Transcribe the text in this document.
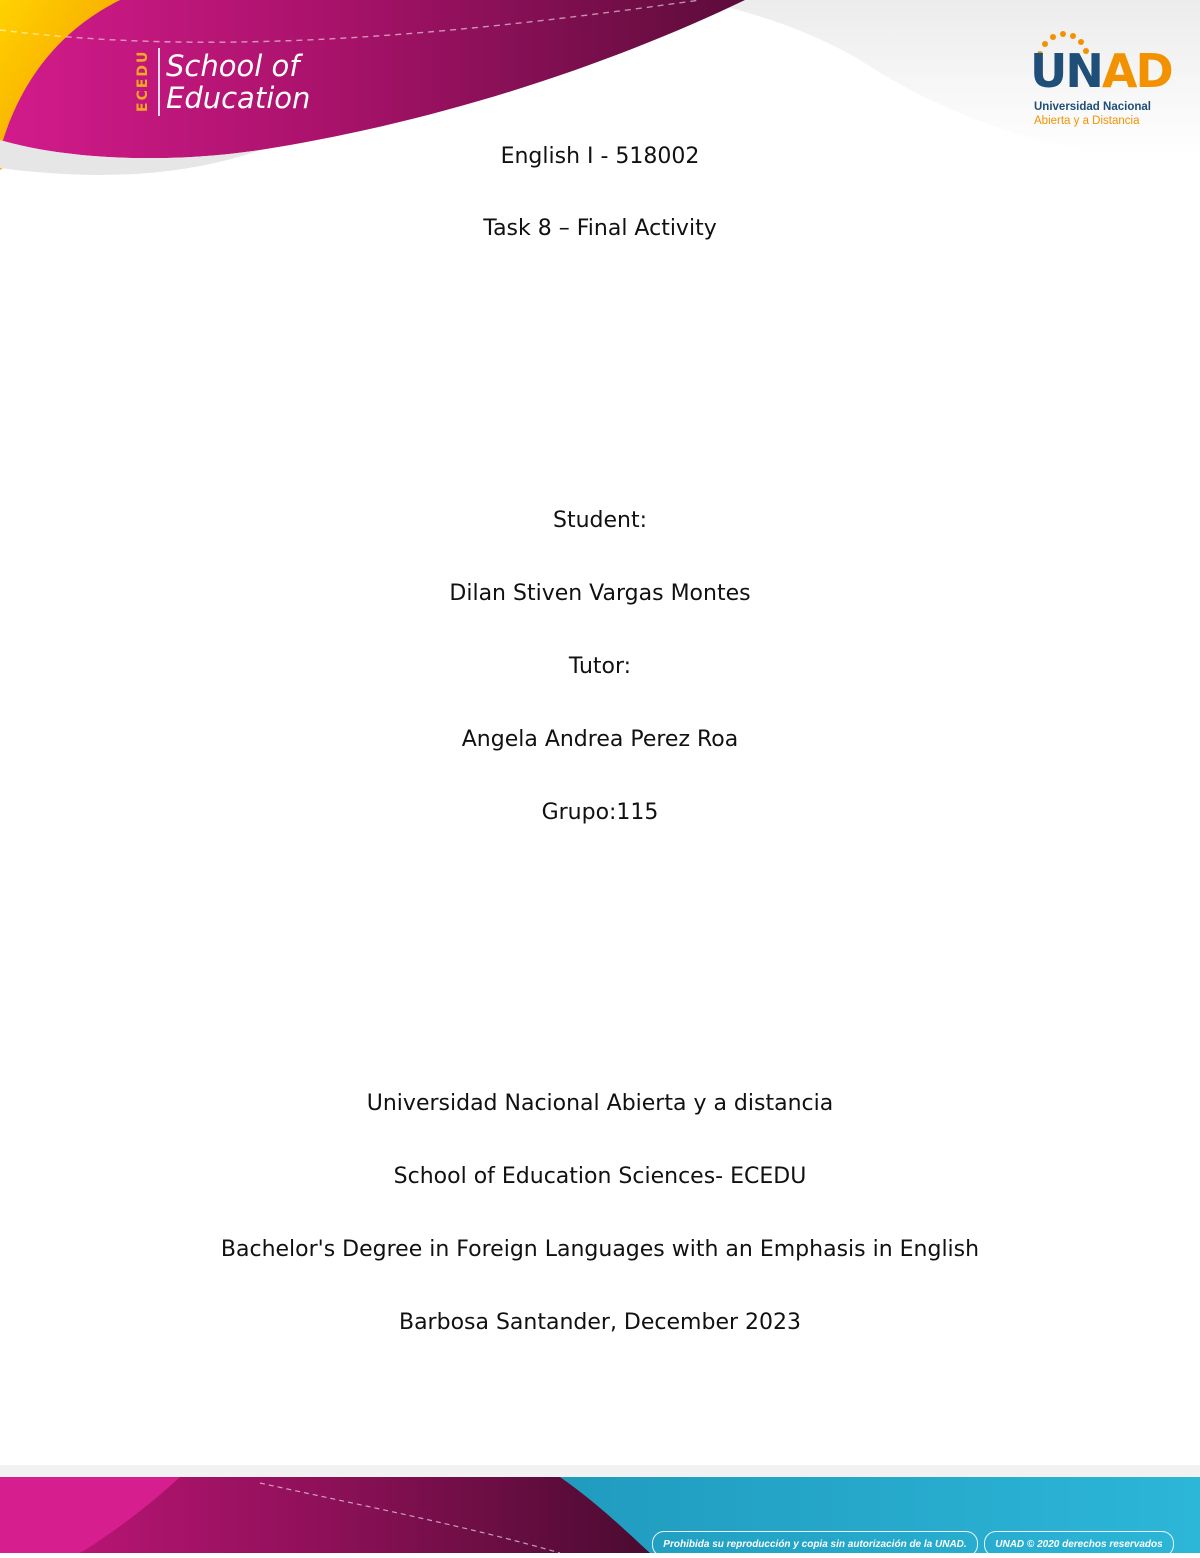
ECEDU School of
Education	UNAD
Universidad Nacional
Abierta y a Distancia
English I - 518002
Task 8 – Final Activity
Student:
Dilan Stiven Vargas Montes
Tutor:
Angela Andrea Perez Roa
Grupo:115
Universidad Nacional Abierta y a distancia
School of Education Sciences- ECEDU
Bachelor's Degree in Foreign Languages with an Emphasis in English
Barbosa Santander, December 2023
Prohibida su reproducción y copia sin autorización de la UNAD.	UNAD © 2020 derechos reservados
